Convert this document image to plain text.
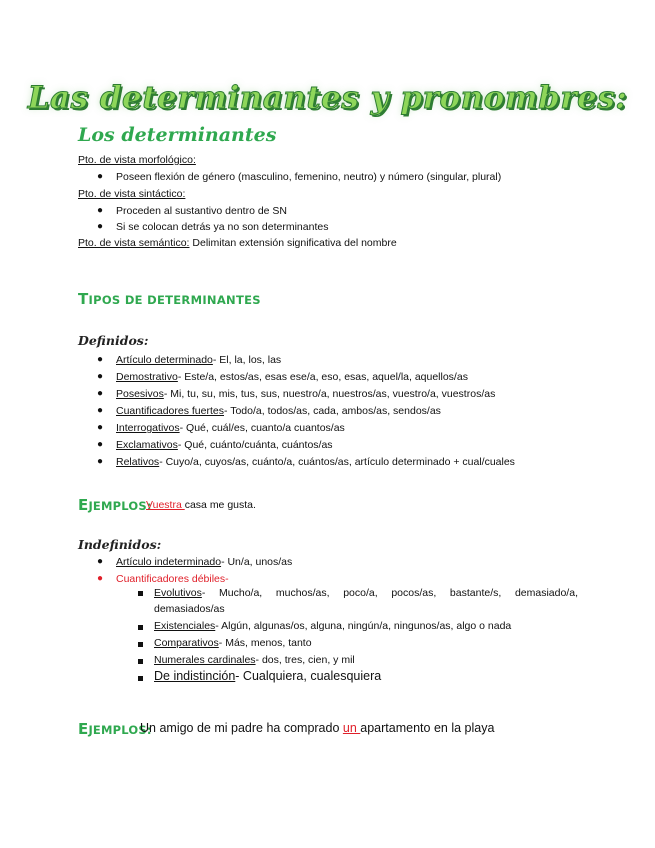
Las determinantes y pronombres:
Los determinantes
Pto. de vista morfológico:
● Poseen flexión de género (masculino, femenino, neutro) y número (singular, plural)
Pto. de vista sintáctico:
● Proceden al sustantivo dentro de SN
● Si se colocan detrás ya no son determinantes
Pto. de vista semántico: Delimitan extensión significativa del nombre
TIPOS DE DETERMINANTES
Definidos:
● Artículo determinado- El, la, los, las
● Demostrativo- Este/a, estos/as, esas ese/a, eso, esas, aquel/la, aquellos/as
● Posesivos- Mi, tu, su, mis, tus, sus, nuestro/a, nuestros/as, vuestro/a, vuestros/as
● Cuantificadores fuertes- Todo/a, todos/as, cada, ambos/as, sendos/as
● Interrogativos- Qué, cuál/es, cuanto/a cuantos/as
● Exclamativos- Qué, cuánto/cuánta, cuántos/as
● Relativos- Cuyo/a, cuyos/as, cuánto/a, cuántos/as, artículo determinado + cual/cuales
EJEMPLOS:
Vuestra casa me gusta.
Indefinidos:
● Artículo indeterminado- Un/a, unos/as
● Cuantificadores débiles-
Evolutivos- Mucho/a, muchos/as, poco/a, pocos/as, bastante/s, demasiado/a,
demasiados/as
Existenciales- Algún, algunas/os, alguna, ningún/a, ningunos/as, algo o nada
Comparativos- Más, menos, tanto
Numerales cardinales- dos, tres, cien, y mil
De indistinción- Cualquiera, cualesquiera
EJEMPLOS:
Un amigo de mi padre ha comprado un apartamento en la playa
